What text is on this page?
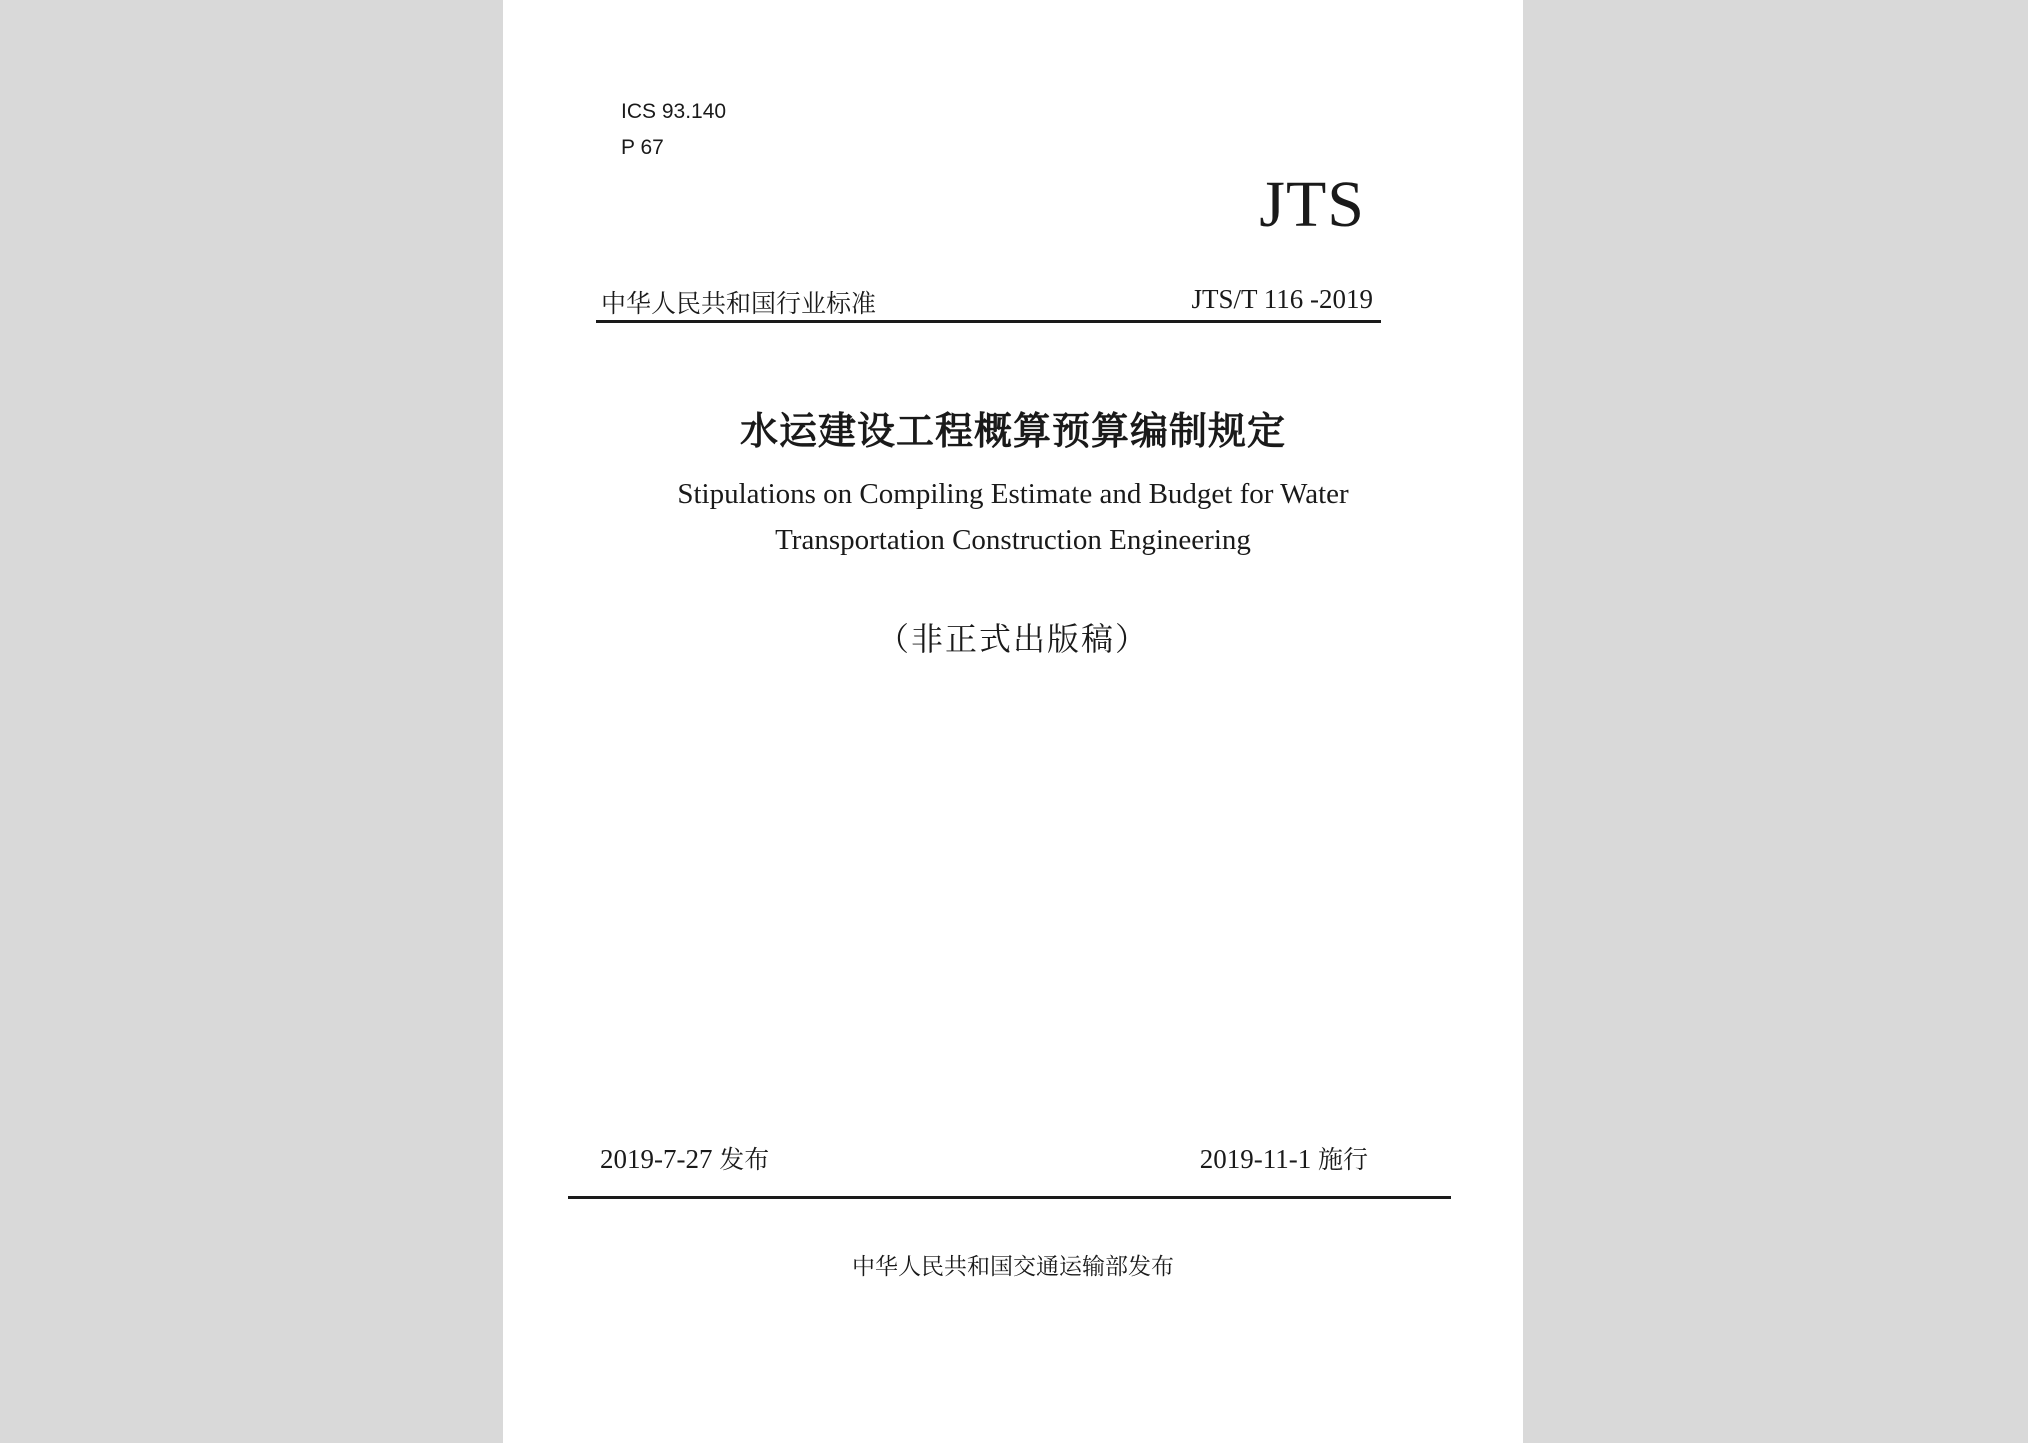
ICS 93.140
P 67
JTS
中华人民共和国行业标准	JTS/T 116 -2019
水运建设工程概算预算编制规定
Stipulations on Compiling Estimate and Budget for Water
Transportation Construction Engineering
（非正式出版稿）
2019-7-27 发布	2019-11-1 施行
中华人民共和国交通运输部发布
